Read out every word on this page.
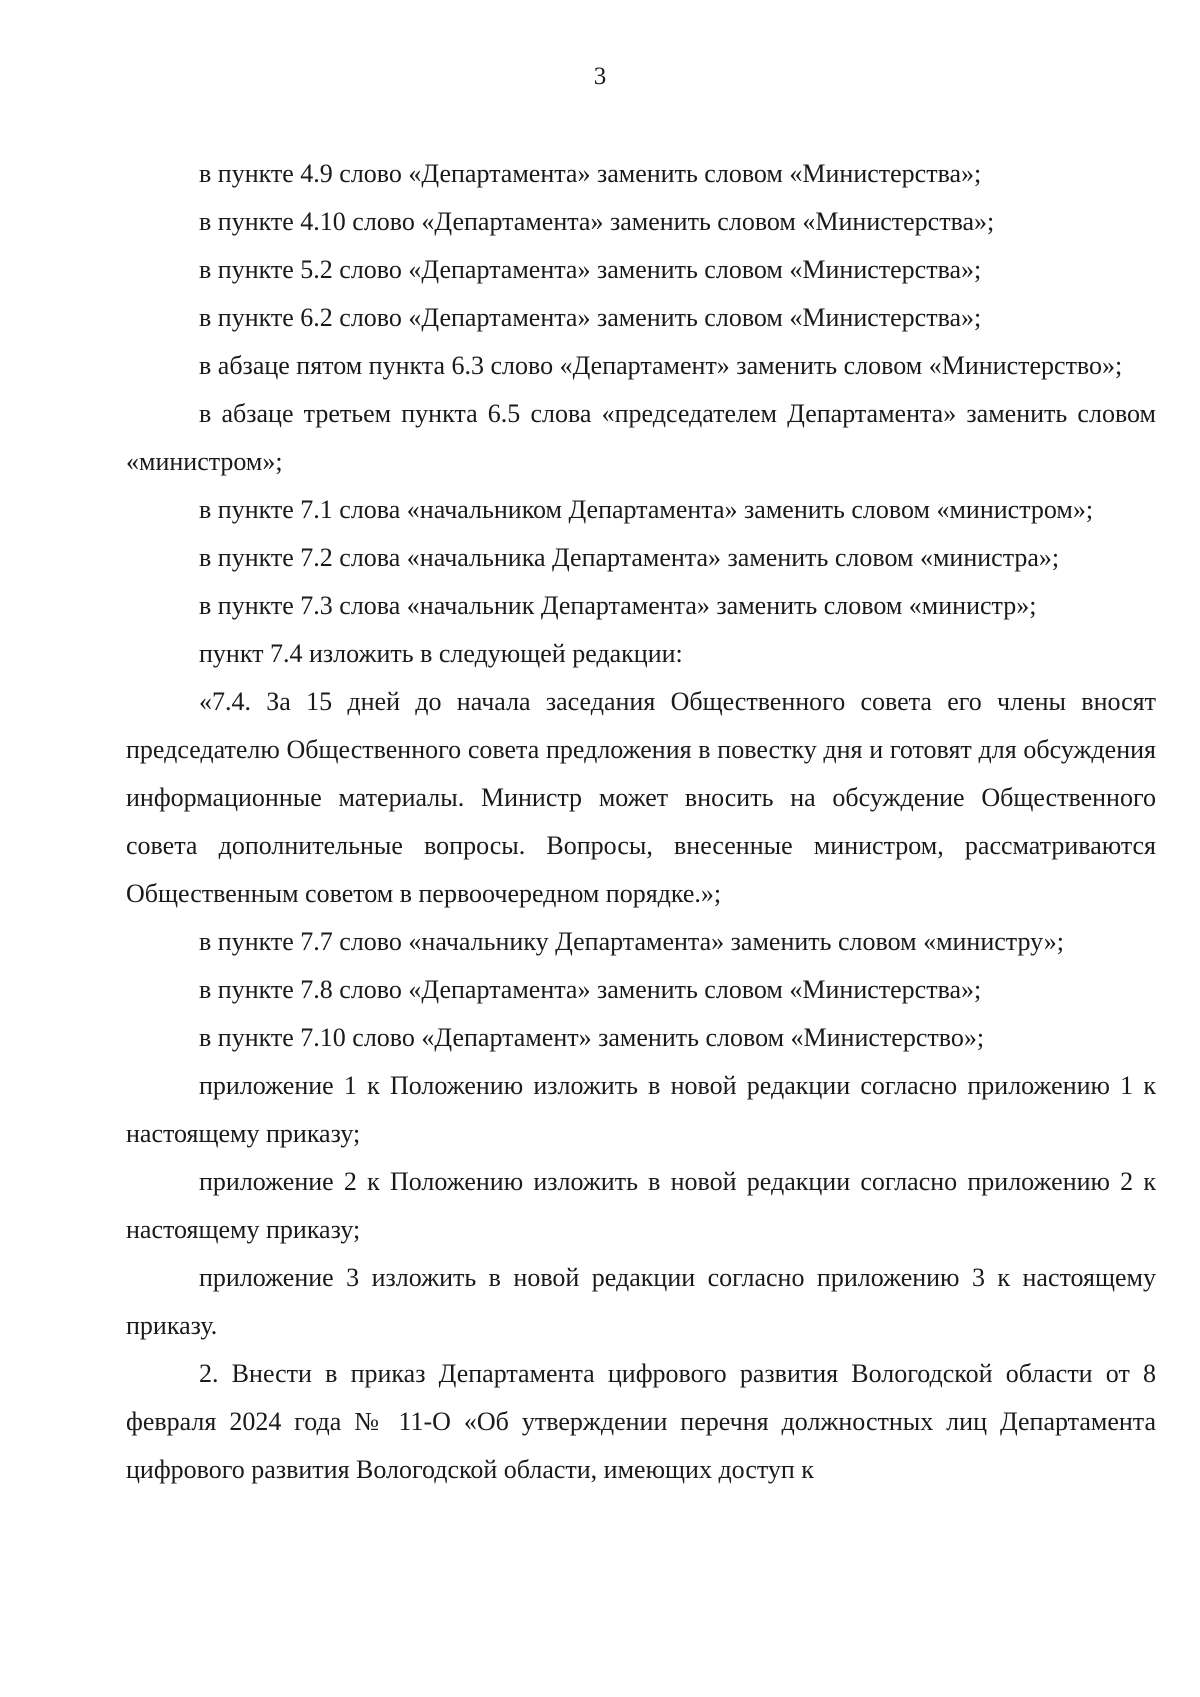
3

в пункте 4.9 слово «Департамента» заменить словом «Министерства»;

в пункте 4.10 слово «Департамента» заменить словом «Министерства»;

в пункте 5.2 слово «Департамента» заменить словом «Министерства»;

в пункте 6.2 слово «Департамента» заменить словом «Министерства»;

в абзаце пятом пункта 6.3 слово «Департамент» заменить словом «Министерство»;

в абзаце третьем пункта 6.5 слова «председателем Департамента» заменить словом «министром»;

в пункте 7.1 слова «начальником Департамента» заменить словом «министром»;

в пункте 7.2 слова «начальника Департамента» заменить словом «министра»;

в пункте 7.3 слова «начальник Департамента» заменить словом «министр»;

пункт 7.4 изложить в следующей редакции:

«7.4. За 15 дней до начала заседания Общественного совета его члены вносят председателю Общественного совета предложения в повестку дня и готовят для обсуждения информационные материалы. Министр может вносить на обсуждение Общественного совета дополнительные вопросы. Вопросы, внесенные министром, рассматриваются Общественным советом в первоочередном порядке.»;

в пункте 7.7 слово «начальнику Департамента» заменить словом «министру»;

в пункте 7.8 слово «Департамента» заменить словом «Министерства»;

в пункте 7.10 слово «Департамент» заменить словом «Министерство»;

приложение 1 к Положению изложить в новой редакции согласно приложению 1 к настоящему приказу;

приложение 2 к Положению изложить в новой редакции согласно приложению 2 к настоящему приказу;

приложение 3 изложить в новой редакции согласно приложению 3 к настоящему приказу.

2. Внести в приказ Департамента цифрового развития Вологодской области от 8 февраля 2024 года № 11-О «Об утверждении перечня должностных лиц Департамента цифрового развития Вологодской области, имеющих доступ к
